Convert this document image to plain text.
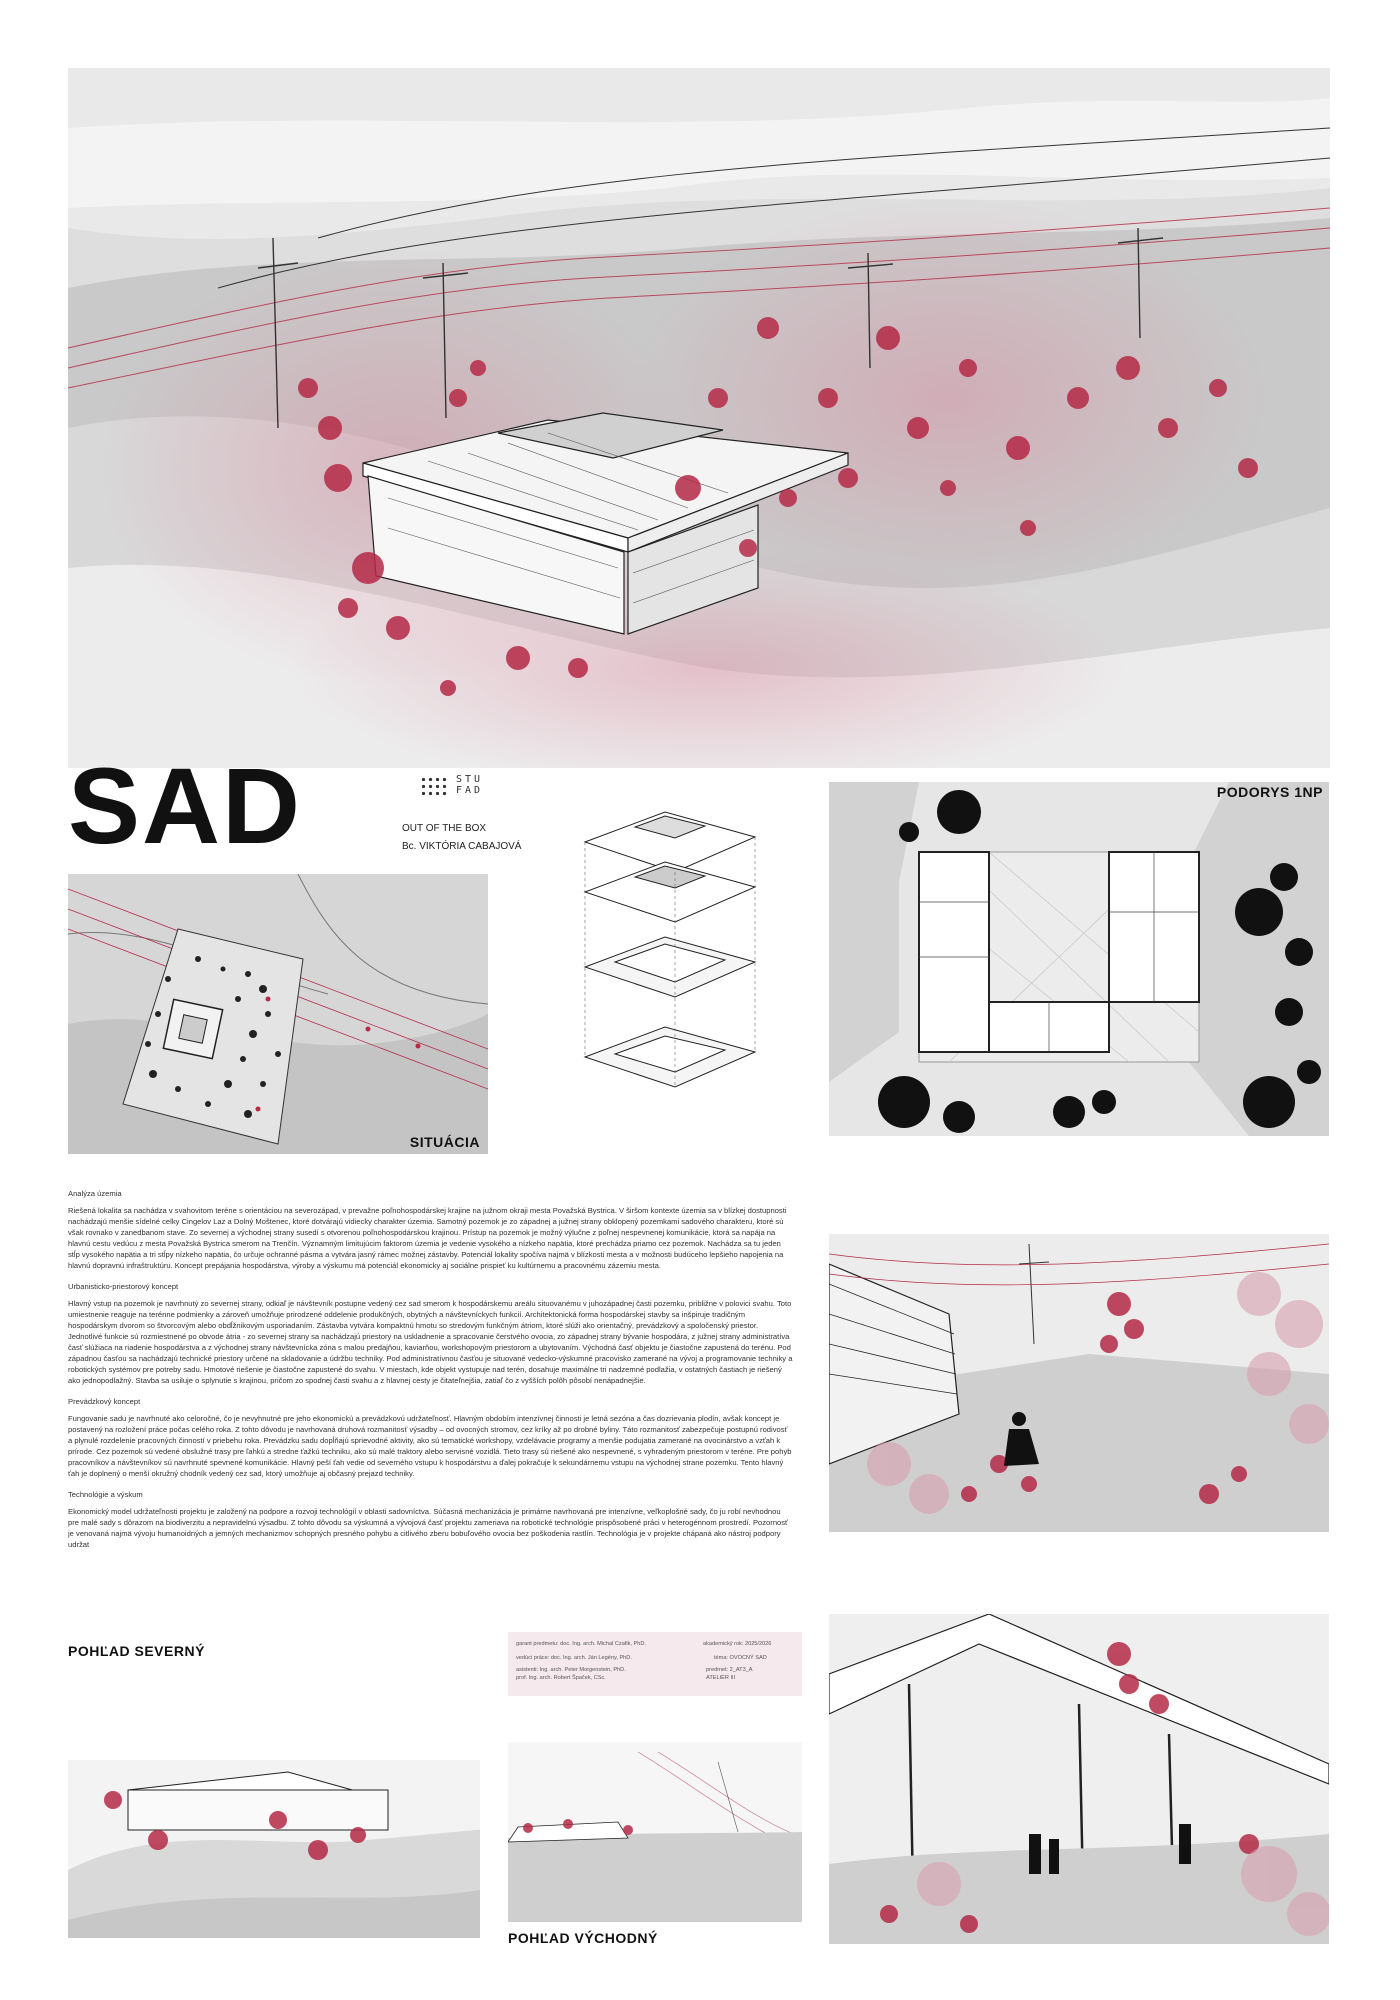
SAD	STU
FAD
OUT OF THE BOX
Bc. VIKTÓRIA CABAJOVÁ
SITUÁCIA
PODORYS 1NP
Analýza územia

Riešená lokalita sa nachádza v svahovitom teréne s orientáciou na severozápad, v prevažne poľnohospodárskej krajine na južnom okraji mesta Považská Bystrica. V širšom kontexte územia sa v blízkej dostupnosti nachádzajú menšie sídelné celky Cingelov Laz a Dolný Moštenec, ktoré dotvárajú vidiecky charakter územia. Samotný pozemok je zo západnej a južnej strany obklopený pozemkami sadového charakteru, ktoré sú však rovnako v zanedbanom stave. Zo severnej a východnej strany susedí s otvorenou poľnohospodárskou krajinou. Prístup na pozemok je možný výlučne z poľnej nespevnenej komunikácie, ktorá sa napája na hlavnú cestu vedúcu z mesta Považská Bystrica smerom na Trenčín. Významným limitujúcim faktorom územia je vedenie vysokého a nízkeho napätia, ktoré prechádza priamo cez pozemok. Nachádza sa tu jeden stĺp vysokého napätia a tri stĺpy nízkeho napätia, čo určuje ochranné pásma a vytvára jasný rámec možnej zástavby. Potenciál lokality spočíva najmä v blízkosti mesta a v možnosti budúceho lepšieho napojenia na hlavnú dopravnú infraštruktúru. Koncept prepájania hospodárstva, výroby a výskumu má potenciál ekonomicky aj sociálne prispieť ku kultúrnemu a pracovnému zázemiu mesta.

Urbanisticko-priestorový koncept

Hlavný vstup na pozemok je navrhnutý zo severnej strany, odkiaľ je návštevník postupne vedený cez sad smerom k hospodárskemu areálu situovanému v juhozápadnej časti pozemku, približne v polovici svahu. Toto umiestnenie reaguje na terénne podmienky a zároveň umožňuje prirodzené oddelenie produkčných, obytných a návštevníckych funkcií. Architektonická forma hospodárskej stavby sa inšpiruje tradičným hospodárskym dvorom so štvorcovým alebo obdĺžnikovým usporiadaním. Zástavba vytvára kompaktnú hmotu so stredovým funkčným átriom, ktoré slúži ako orientačný, prevádzkový a spoločenský priestor. Jednotlivé funkcie sú rozmiestnené po obvode átria - zo severnej strany sa nachádzajú priestory na uskladnenie a spracovanie čerstvého ovocia, zo západnej strany bývanie hospodára, z južnej strany administratíva časť slúžiaca na riadenie hospodárstva a z východnej strany návštevnícka zóna s malou predajňou, kaviarňou, workshopovým priestorom a ubytovaním. Východná časť objektu je čiastočne zapustená do terénu. Pod západnou časťou sa nachádzajú technické priestory určené na skladovanie a údržbu techniky. Pod administratívnou časťou je situované vedecko-výskumné pracovisko zamerané na vývoj a programovanie techniky a robotických systémov pre potreby sadu. Hmotové riešenie je čiastočne zapustené do svahu. V miestach, kde objekt vystupuje nad terén, dosahuje maximálne tri nadzemné podlažia, v ostatných častiach je riešený ako jednopodlažný. Stavba sa usiluje o splynutie s krajinou, pričom zo spodnej časti svahu a z hlavnej cesty je čitateľnejšia, zatiaľ čo z vyšších polôh pôsobí nenápadnejšie.

Prevádzkový koncept

Fungovanie sadu je navrhnuté ako celoročné, čo je nevyhnutné pre jeho ekonomickú a prevádzkovú udržateľnosť. Hlavným obdobím intenzívnej činnosti je letná sezóna a čas dozrievania plodín, avšak koncept je postavený na rozložení práce počas celého roka. Z tohto dôvodu je navrhovaná druhová rozmanitosť výsadby – od ovocných stromov, cez kríky až po drobné byliny. Táto rozmanitosť zabezpečuje postupnú rodivosť a plynulé rozdelenie pracovných činností v priebehu roka. Prevádzku sadu dopĺňajú sprievodné aktivity, ako sú tematické workshopy, vzdelávacie programy a menšie podujatia zamerané na ovocinárstvo a vzťah k prírode. Cez pozemok sú vedené obslužné trasy pre ľahkú a stredne ťažkú techniku, ako sú malé traktory alebo servisné vozidlá. Tieto trasy sú riešené ako nespevnené, s vyhradeným priestorom v teréne. Pre pohyb pracovníkov a návštevníkov sú navrhnuté spevnené komunikácie. Hlavný peší ťah vedie od severného vstupu k hospodárstvu a ďalej pokračuje k sekundárnemu vstupu na východnej strane pozemku. Tento hlavný ťah je doplnený o menší okružný chodník vedený cez sad, ktorý umožňuje aj občasný prejazd techniky.

Technológie a výskum

Ekonomický model udržateľnosti projektu je založený na podpore a rozvoji technológií v oblasti sadovníctva. Súčasná mechanizácia je primárne navrhovaná pre intenzívne, veľkoplošné sady, čo ju robí nevhodnou pre malé sady s dôrazom na biodiverzitu a nepravidelnú výsadbu. Z tohto dôvodu sa výskumná a vývojová časť projektu zameriava na robotické technológie prispôsobené práci v heterogénnom prostredí. Pozornosť je venovaná najmä vývoju humanoidných a jemných mechanizmov schopných presného pohybu a citlivého zberu bobuľového ovocia bez poškodenia rastlín. Technológia je v projekte chápaná ako nástroj podpory udržat

POHĽAD SEVERNÝ	garant predmetu: doc. Ing. arch. Michal Czafik, PhD.	akademický rok: 2025/2026
vedúci práce: doc. Ing. arch. Ján Legény, PhD.	téma: OVOCNÝ SAD
asistenti: Ing. arch. Peter Morgenstein, PhD.	predmet: 2_AT3_A
prof. Ing. arch. Robert Špaček, CSc.	ATELIÉR III
POHĽAD VÝCHODNÝ
